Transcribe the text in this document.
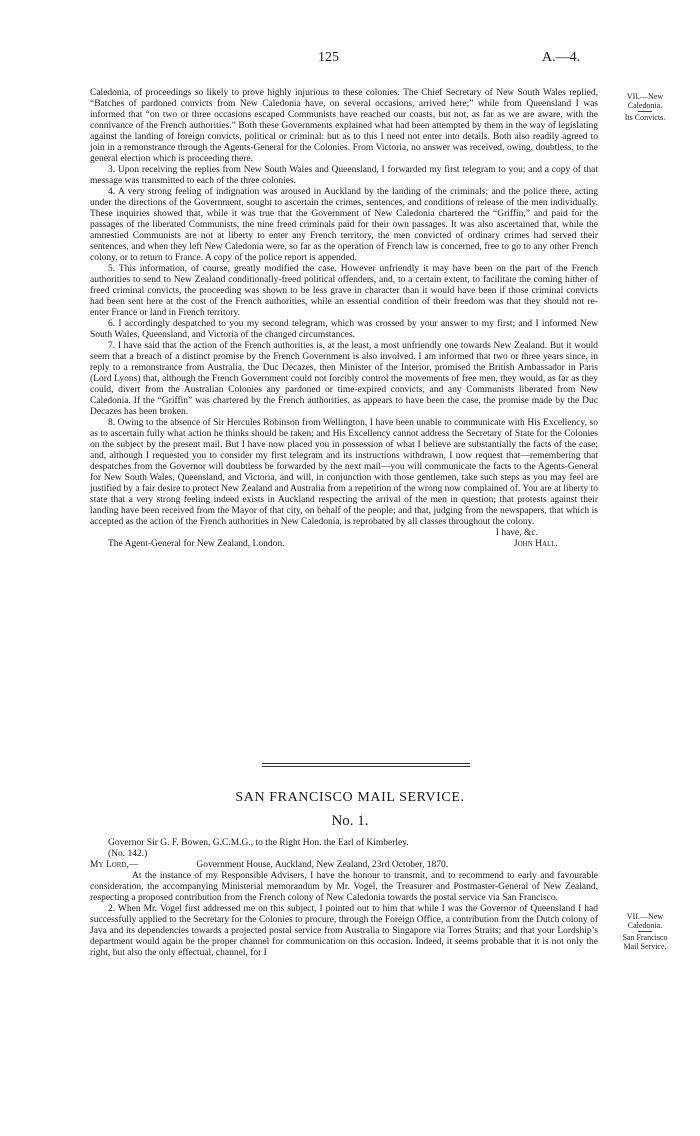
125	A.—4.
VII.—New
Caledonia.
Its Convicts.

Caledonia, of proceedings so likely to prove highly injurious to these colonies. The Chief Secretary of New South Wales replied, “Batches of pardoned convicts from New Caledonia have, on several occasions, arrived here;” while from Queensland I was informed that “on two or three occasions escaped Communists have reached our coasts, but not, as far as we are aware, with the connivance of the French authorities.” Both these Governments explained what had been attempted by them in the way of legislating against the landing of foreign convicts, political or criminal: but as to this I need not enter into details. Both also readily agreed to join in a remonstrance through the Agents-General for the Colonies. From Victoria, no answer was received, owing, doubtless, to the general election which is proceeding there.

3. Upon receiving the replies from New South Wales and Queensland, I forwarded my first telegram to you; and a copy of that message was transmitted to each of the three colonies.

4. A very strong feeling of indignation was aroused in Auckland by the landing of the criminals; and the police there, acting under the directions of the Government, sought to ascertain the crimes, sentences, and conditions of release of the men individually. These inquiries showed that, while it was true that the Government of New Caledonia chartered the “Griffin,” and paid for the passages of the liberated Communists, the nine freed criminals paid for their own passages. It was also ascertained that, while the amnestied Communists are not at liberty to enter any French territory, the men convicted of ordinary crimes had served their sentences, and when they left New Caledonia were, so far as the operation of French law is concerned, free to go to any other French colony, or to return to France. A copy of the police report is appended.

5. This information, of course, greatly modified the case. However unfriendly it may have been on the part of the French authorities to send to New Zealand conditionally-freed political offenders, and, to a certain extent, to facilitate the coming hither of freed criminal convicts, the proceeding was shown to be less grave in character than it would have been if those criminal convicts had been sent here at the cost of the French authorities, while an essential condition of their freedom was that they should not re-enter France or land in French territory.

6. I accordingly despatched to you my second telegram, which was crossed by your answer to my first; and I informed New South Wales, Queensland, and Victoria of the changed circumstances.

7. I have said that the action of the French authorities is, at the least, a most unfriendly one towards New Zealand. But it would seem that a breach of a distinct promise by the French Government is also involved. I am informed that two or three years since, in reply to a remonstrance from Australia, the Duc Decazes, then Minister of the Interior, promised the British Ambassador in Paris (Lord Lyons) that, although the French Government could not forcibly control the movements of free men, they would, as far as they could, divert from the Australian Colonies any pardoned or time-expired convicts, and any Communists liberated from New Caledonia. If the “Griffin” was chartered by the French authorities, as appears to have been the case, the promise made by the Duc Decazes has been broken.

8. Owing to the absence of Sir Hercules Robinson from Wellington, I have been unable to communicate with His Excellency, so as to ascertain fully what action he thinks should be taken; and His Excellency cannot address the Secretary of State for the Colonies on the subject by the present mail. But I have now placed you in possession of what I believe are substantially the facts of the case; and, although I requested you to consider my first telegram and its instructions withdrawn, I now request that—remembering that despatches from the Governor will doubtless be forwarded by the next mail—you will communicate the facts to the Agents-General for New South Wales, Queensland, and Victoria, and will, in conjunction with those gentlemen, take such steps as you may feel are justified by a fair desire to protect New Zealand and Australia from a repetition of the wrong now complained of. You are at liberty to state that a very strong feeling indeed exists in Auckland respecting the arrival of the men in question; that protests against their landing have been received from the Mayor of that city, on behalf of the people; and that, judging from the newspapers, that which is accepted as the action of the French authorities in New Caledonia, is reprobated by all classes throughout the colony.

I have, &c.
The Agent-General for New Zealand, London.	John Hall.
SAN FRANCISCO MAIL SERVICE.
No. 1.
VII.—New
Caledonia.
San Francisco
Mail Service.

Governor Sir G. F. Bowen, G.C.M.G., to the Right Hon. the Earl of Kimberley.

(No. 142.)

My Lord,—	Government House, Auckland, New Zealand, 23rd October, 1870.

At the instance of my Responsible Advisers, I have the honour to transmit, and to recommend to early and favourable consideration, the accompanying Ministerial memorandum by Mr. Vogel, the Treasurer and Postmaster-General of New Zealand, respecting a proposed contribution from the French colony of New Caledonia towards the postal service via San Francisco.

2. When Mr. Vogel first addressed me on this subject, I pointed out to him that while I was the Governor of Queensland I had successfully applied to the Secretary for the Colonies to procure, through the Foreign Office, a contribution from the Dutch colony of Java and its dependencies towards a projected postal service from Australia to Singapore via Torres Straits; and that your Lordship’s department would again be the proper channel for communication on this occasion. Indeed, it seems probable that it is not only the right, but also the only effectual, channel, for I
